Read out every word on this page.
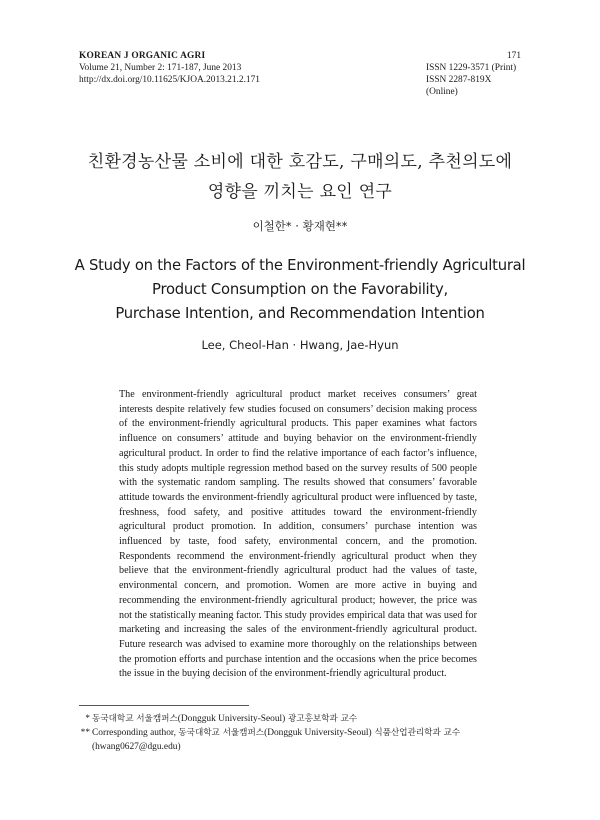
KOREAN J ORGANIC AGRI
Volume 21, Number 2: 171-187, June 2013
http://dx.doi.org/10.11625/KJOA.2013.21.2.171
171
ISSN 1229-3571 (Print)
ISSN 2287-819X (Online)
친환경농산물 소비에 대한 호감도, 구매의도, 추천의도에
영향을 끼치는 요인 연구
이철한* · 황재현**
A Study on the Factors of the Environment-friendly Agricultural
Product Consumption on the Favorability,
Purchase Intention, and Recommendation Intention
Lee, Cheol-Han · Hwang, Jae-Hyun
The environment-friendly agricultural product market receives consumers’ great interests despite relatively few studies focused on consumers’ decision making process of the environment-friendly agricultural products. This paper examines what factors influence on consumers’ attitude and buying behavior on the environment-friendly agricultural product. In order to find the relative importance of each factor’s influence, this study adopts multiple regression method based on the survey results of 500 people with the systematic random sampling. The results showed that consumers’ favorable attitude towards the environment-friendly agricultural product were influenced by taste, freshness, food safety, and positive attitudes toward the environment-friendly agricultural product promotion. In addition, consumers’ purchase intention was influenced by taste, food safety, environmental concern, and the promotion. Respondents recommend the environment-friendly agricultural product when they believe that the environment-friendly agricultural product had the values of taste, environmental concern, and promotion. Women are more active in buying and recommending the environment-friendly agricultural product; however, the price was not the statistically meaning factor. This study provides empirical data that was used for marketing and increasing the sales of the environment-friendly agricultural product. Future research was advised to examine more thoroughly on the relationships between the promotion efforts and purchase intention and the occasions when the price becomes the issue in the buying decision of the environment-friendly agricultural product.
* 동국대학교 서울캠퍼스(Dongguk University-Seoul) 광고홍보학과 교수
** Corresponding author, 동국대학교 서울캠퍼스(Dongguk University-Seoul) 식품산업관리학과 교수
(hwang0627@dgu.edu)
